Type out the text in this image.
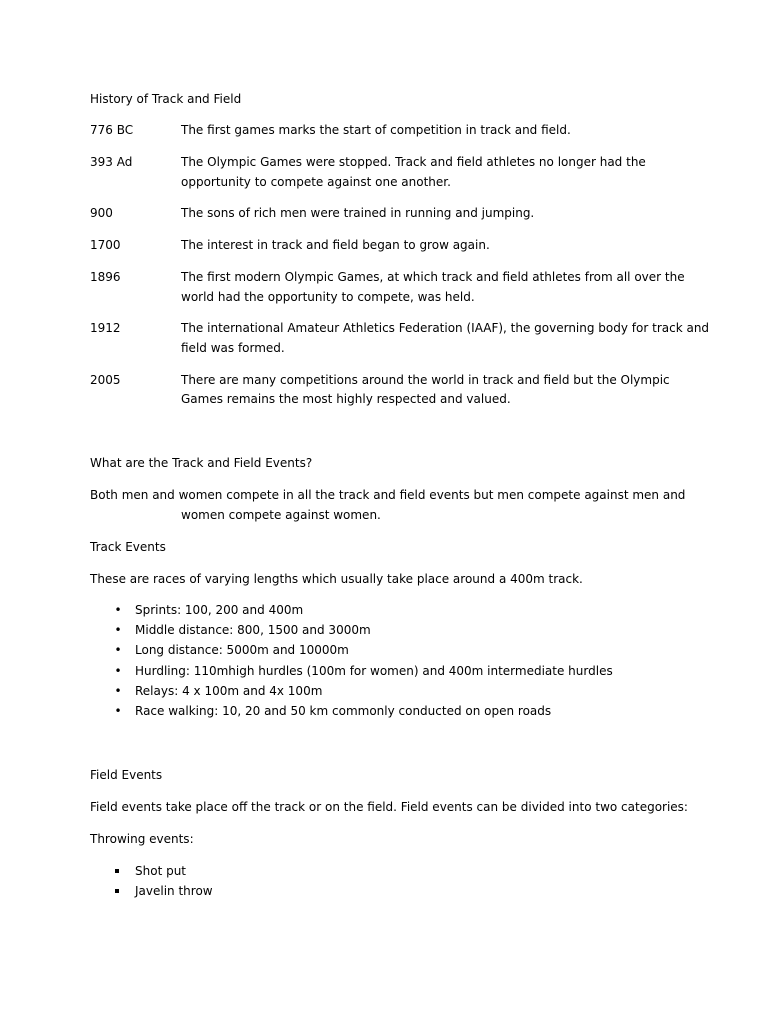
History of Track and Field
776 BC	The first games marks the start of competition in track and field.
393 Ad	The Olympic Games were stopped. Track and field athletes no longer had the
opportunity to compete against one another.
900	The sons of rich men were trained in running and jumping.
1700	The interest in track and field began to grow again.
1896	The first modern Olympic Games, at which track and field athletes from all over the
world had the opportunity to compete, was held.
1912	The international Amateur Athletics Federation (IAAF), the governing body for track and
field was formed.
2005	There are many competitions around the world in track and field but the Olympic
Games remains the most highly respected and valued.
What are the Track and Field Events?
Both men and women compete in all the track and field events but men compete against men and
women compete against women.
Track Events
These are races of varying lengths which usually take place around a 400m track.
• Sprints: 100, 200 and 400m
• Middle distance: 800, 1500 and 3000m
• Long distance: 5000m and 10000m
• Hurdling: 110mhigh hurdles (100m for women) and 400m intermediate hurdles
• Relays: 4 x 100m and 4x 100m
• Race walking: 10, 20 and 50 km commonly conducted on open roads
Field Events
Field events take place off the track or on the field. Field events can be divided into two categories:
Throwing events:
Shot put
Javelin throw
